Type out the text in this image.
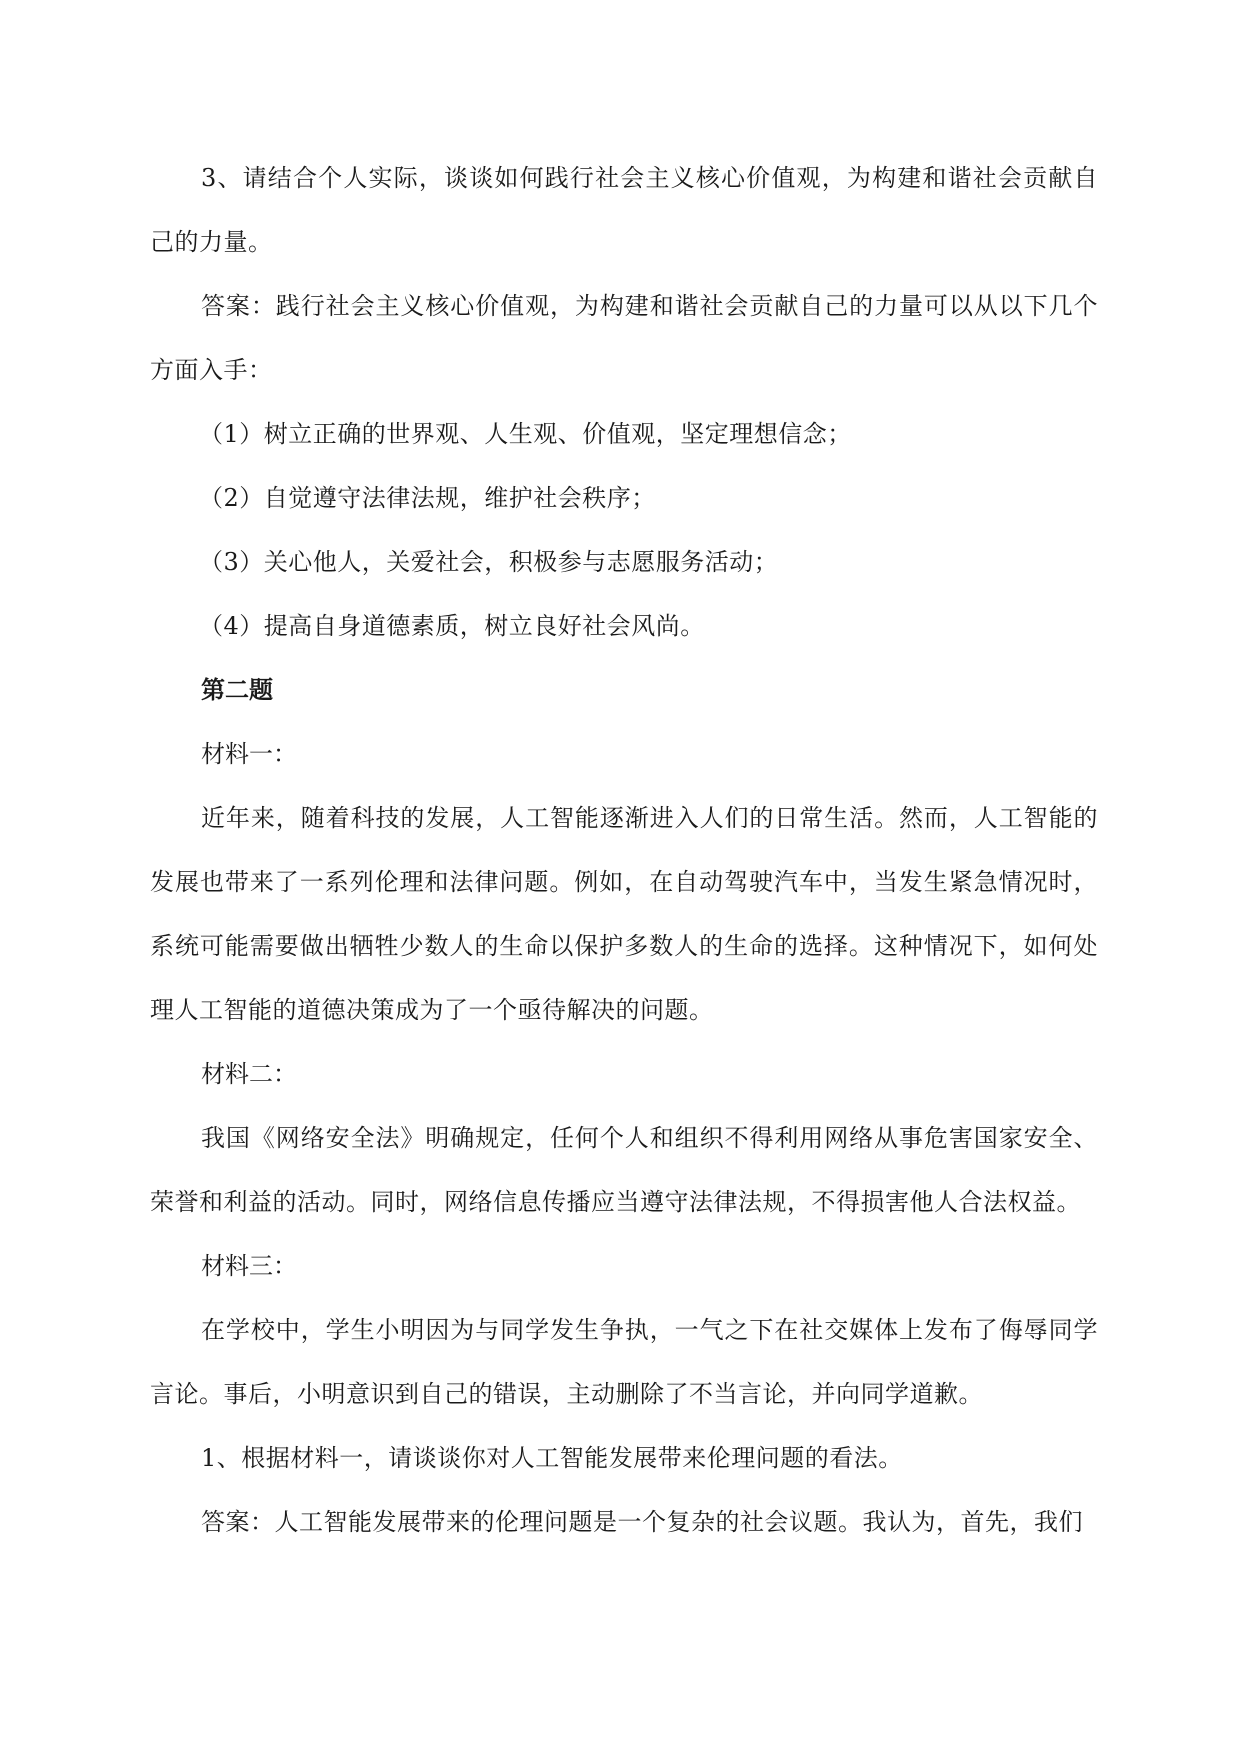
3、请结合个人实际，谈谈如何践行社会主义核心价值观，为构建和谐社会贡献自己的力量。

答案：践行社会主义核心价值观，为构建和谐社会贡献自己的力量可以从以下几个方面入手：

（1）树立正确的世界观、人生观、价值观，坚定理想信念；

（2）自觉遵守法律法规，维护社会秩序；

（3）关心他人，关爱社会，积极参与志愿服务活动；

（4）提高自身道德素质，树立良好社会风尚。

第二题

材料一：

近年来，随着科技的发展，人工智能逐渐进入人们的日常生活。然而，人工智能的发展也带来了一系列伦理和法律问题。例如，在自动驾驶汽车中，当发生紧急情况时，系统可能需要做出牺牲少数人的生命以保护多数人的生命的选择。这种情况下，如何处理人工智能的道德决策成为了一个亟待解决的问题。

材料二：

我国《网络安全法》明确规定，任何个人和组织不得利用网络从事危害国家安全、荣誉和利益的活动。同时，网络信息传播应当遵守法律法规，不得损害他人合法权益。

材料三：

在学校中，学生小明因为与同学发生争执，一气之下在社交媒体上发布了侮辱同学言论。事后，小明意识到自己的错误，主动删除了不当言论，并向同学道歉。

1、根据材料一，请谈谈你对人工智能发展带来伦理问题的看法。

答案：人工智能发展带来的伦理问题是一个复杂的社会议题。我认为，首先，我们
